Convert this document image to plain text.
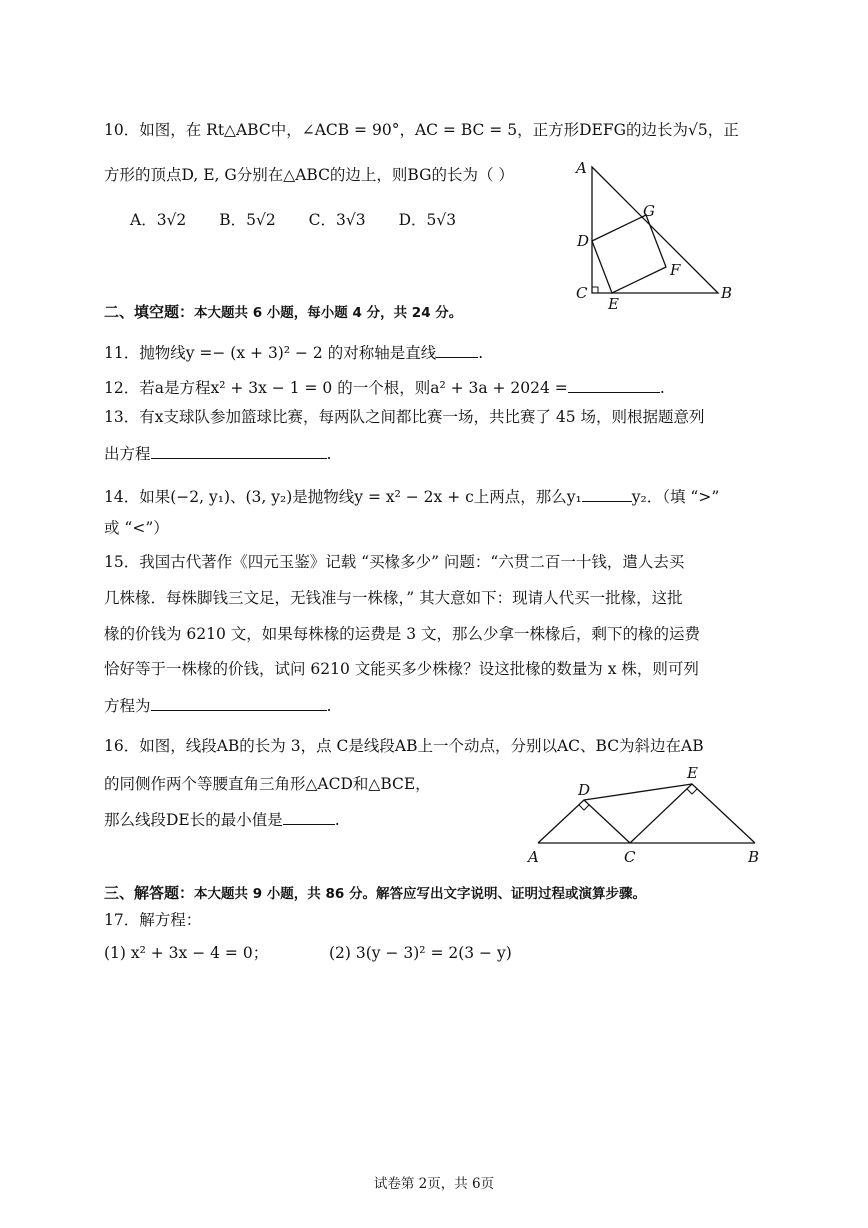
10．如图，在 Rt△ABC中，∠ACB = 90°，AC = BC = 5，正方形DEFG的边长为√5，正
方形的顶点D, E, G分别在△ABC的边上，则BG的长为（ ）
A．3√2 B．5√2 C．3√3 D．5√3
A
B
C
D
E
F
G
二、填空题：本大题共 6 小题，每小题 4 分，共 24 分。
11．抛物线y =− (x + 3)² − 2 的对称轴是直线	.
12．若a是方程x² + 3x − 1 = 0 的一个根，则a² + 3a + 2024 =	.
13．有x支球队参加篮球比赛，每两队之间都比赛一场，共比赛了 45 场，则根据题意列
出方程	.
14．如果(−2, y₁)、(3, y₂)是抛物线y = x² − 2x + c上两点，那么y₁	y₂．（填 “>”
或 “<”）
15．我国古代著作《四元玉鉴》记载 “买椽多少” 问题：“六贯二百一十钱，遣人去买
几株椽．每株脚钱三文足，无钱准与一株椽，” 其大意如下：现请人代买一批椽，这批
椽的价钱为 6210 文，如果每株椽的运费是 3 文，那么少拿一株椽后，剩下的椽的运费
恰好等于一株椽的价钱，试问 6210 文能买多少株椽？设这批椽的数量为 x 株，则可列
方程为	.
16．如图，线段AB的长为 3，点 C是线段AB上一个动点，分别以AC、BC为斜边在AB
的同侧作两个等腰直角三角形△ACD和△BCE，
那么线段DE长的最小值是	.
A	B
C
D
E
三、解答题：本大题共 9 小题，共 86 分。解答应写出文字说明、证明过程或演算步骤。
17．解方程：
(1) x² + 3x − 4 = 0；	(2) 3(y − 3)² = 2(3 − y)
试卷第 2页，共 6页
